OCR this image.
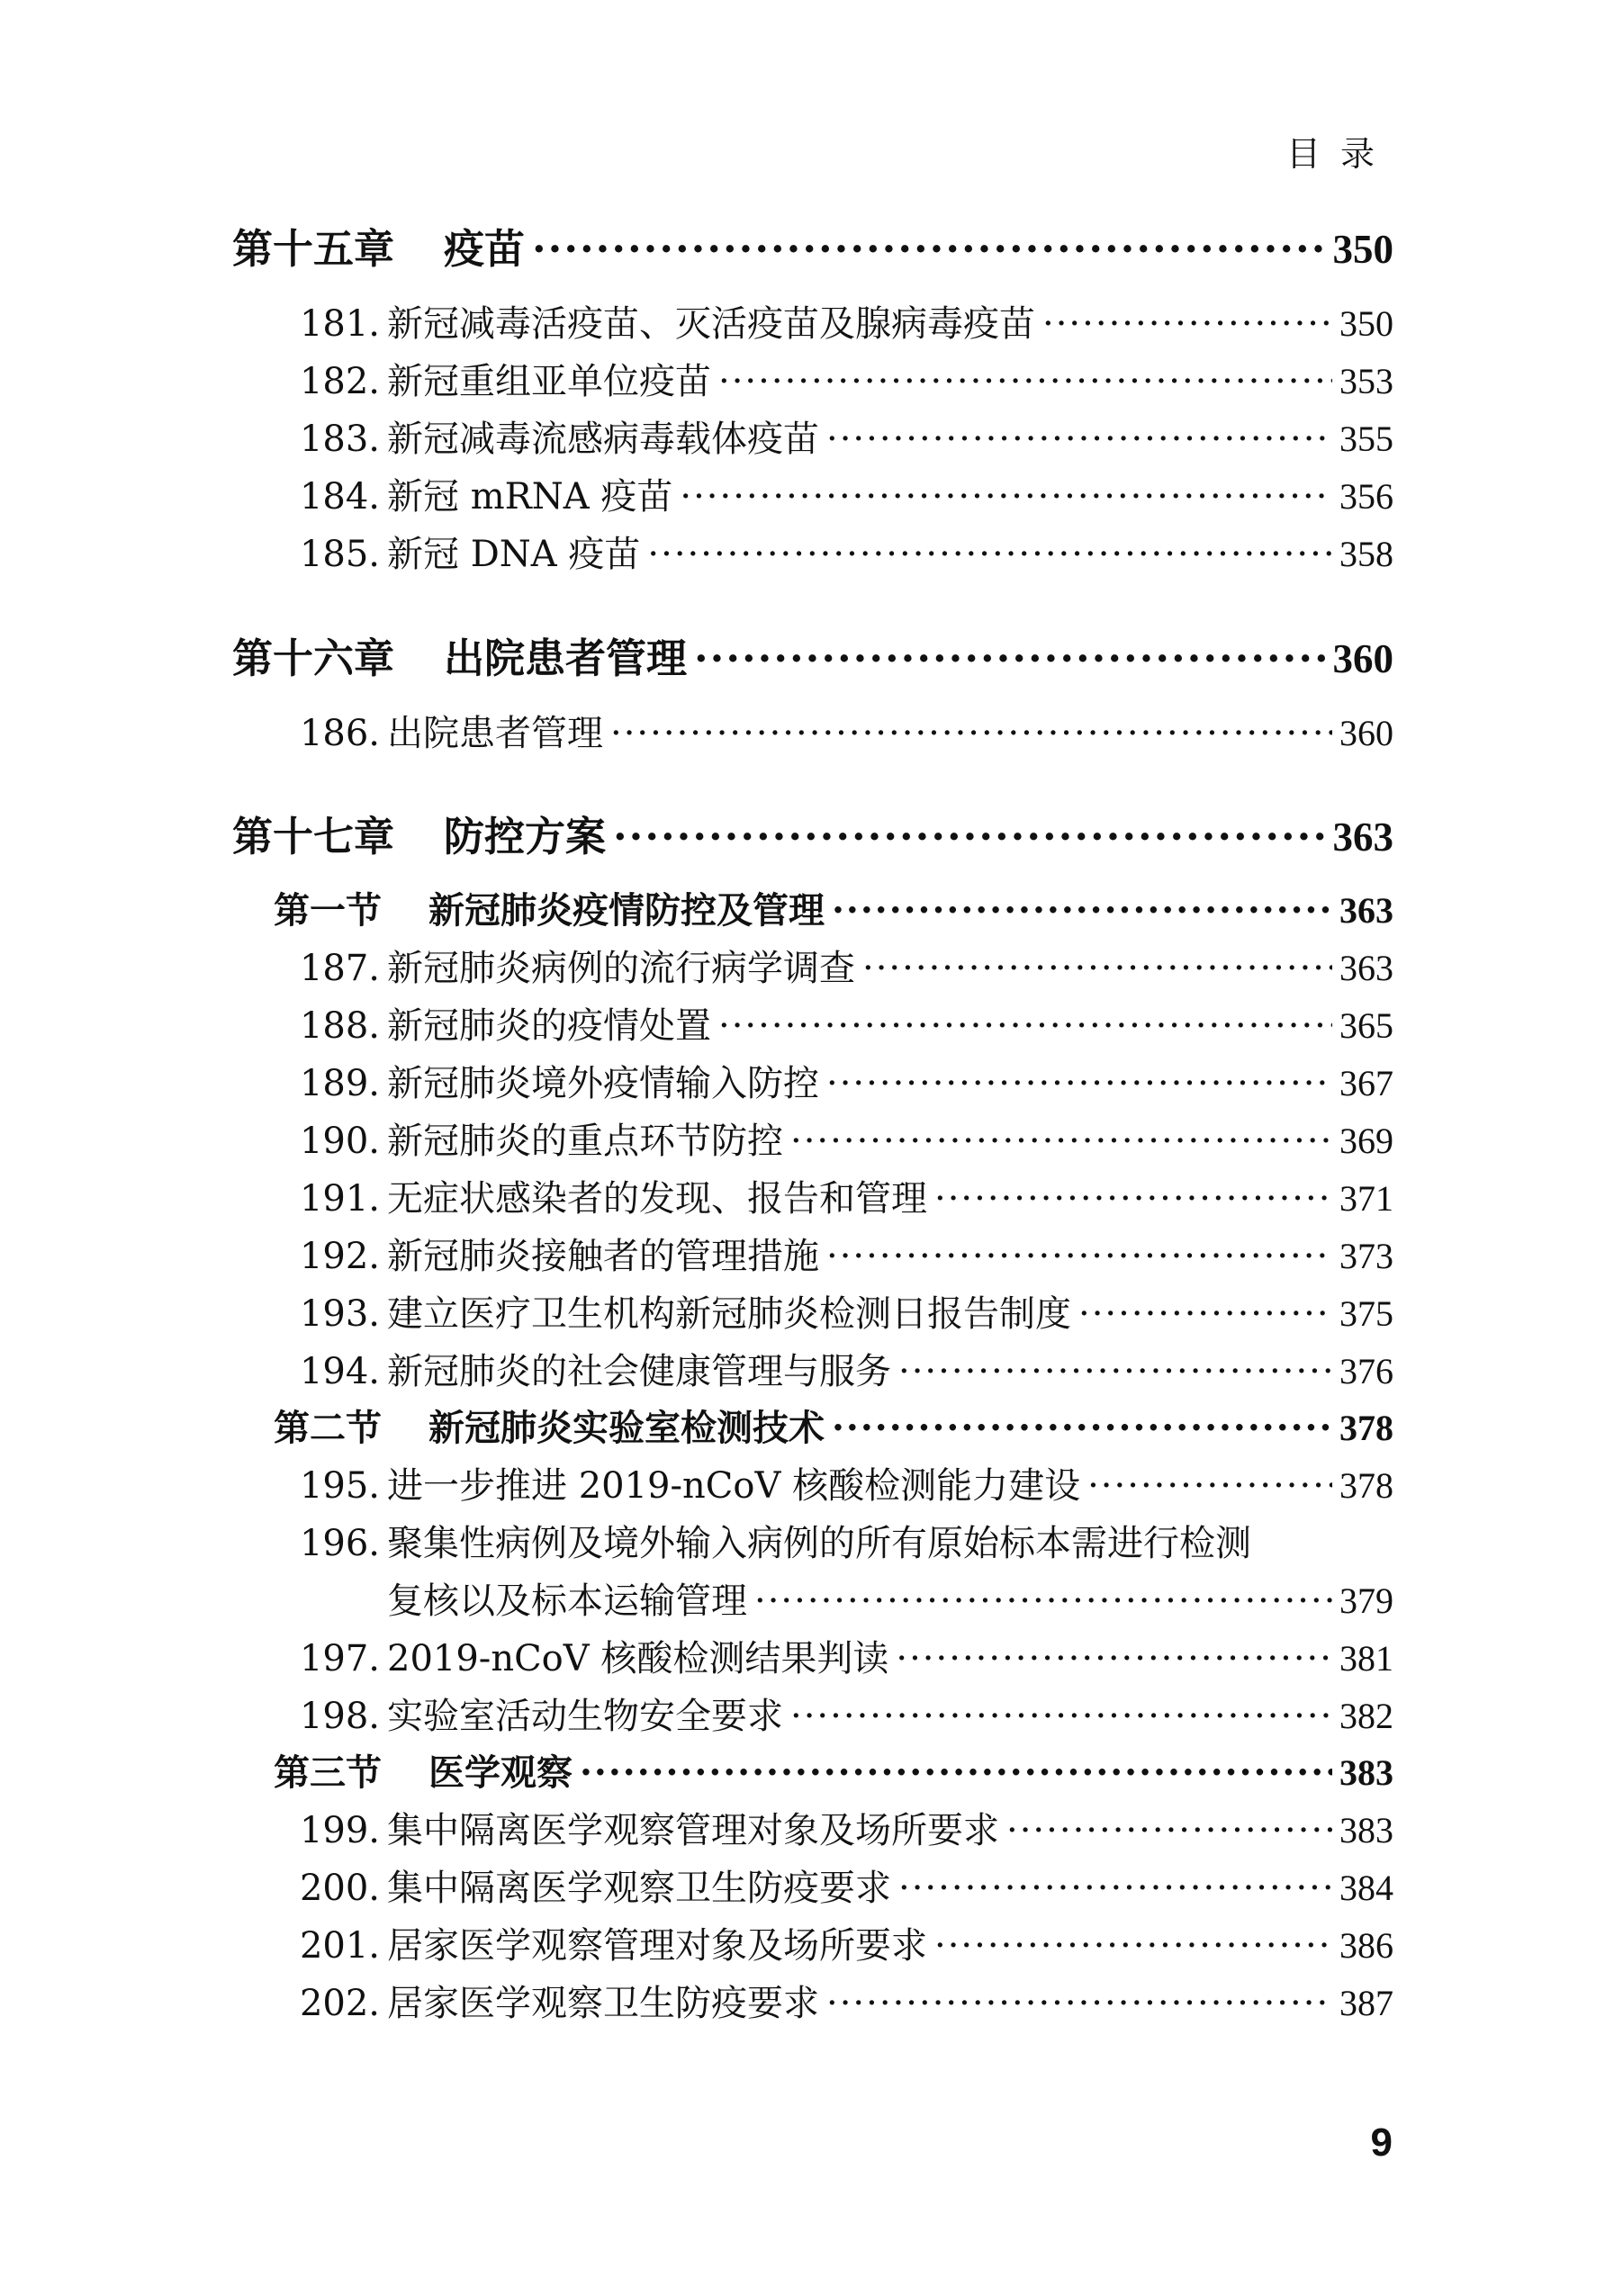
目录
第十五章	疫苗 ·····	350
181. 新冠减毒活疫苗、灭活疫苗及腺病毒疫苗 ·····	350
182. 新冠重组亚单位疫苗 ·····	353
183. 新冠减毒流感病毒载体疫苗 ·····	355
184. 新冠 mRNA 疫苗 ·····	356
185. 新冠 DNA 疫苗 ·····	358
第十六章	出院患者管理 ·····	360
186. 出院患者管理 ·····	360
第十七章	防控方案 ·····	363
第一节	新冠肺炎疫情防控及管理 ·····	363
187. 新冠肺炎病例的流行病学调查 ·····	363
188. 新冠肺炎的疫情处置 ·····	365
189. 新冠肺炎境外疫情输入防控 ·····	367
190. 新冠肺炎的重点环节防控 ·····	369
191. 无症状感染者的发现、报告和管理 ·····	371
192. 新冠肺炎接触者的管理措施 ·····	373
193. 建立医疗卫生机构新冠肺炎检测日报告制度 ·····	375
194. 新冠肺炎的社会健康管理与服务 ·····	376
第二节	新冠肺炎实验室检测技术 ·····	378
195. 进一步推进 2019-nCoV 核酸检测能力建设 ·····	378
196. 聚集性病例及境外输入病例的所有原始标本需进行检测
复核以及标本运输管理 ·····	379
197. 2019-nCoV 核酸检测结果判读 ·····	381
198. 实验室活动生物安全要求 ·····	382
第三节	医学观察 ·····	383
199. 集中隔离医学观察管理对象及场所要求 ·····	383
200. 集中隔离医学观察卫生防疫要求 ·····	384
201. 居家医学观察管理对象及场所要求 ·····	386
202. 居家医学观察卫生防疫要求 ·····	387
9
